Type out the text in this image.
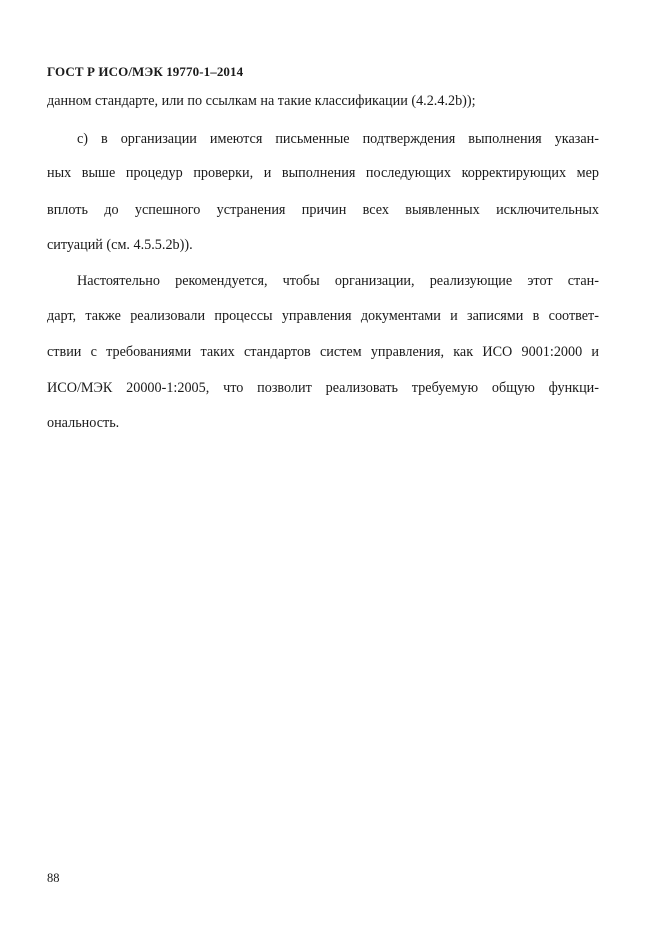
ГОСТ Р ИСО/МЭК 19770-1–2014
данном стандарте, или по ссылкам на такие классификации (4.2.4.2b));
c) в организации имеются письменные подтверждения выполнения указан-
ных выше процедур проверки, и выполнения последующих корректирующих мер
вплоть до успешного устранения причин всех выявленных исключительных
ситуаций (см. 4.5.5.2b)).
Настоятельно рекомендуется, чтобы организации, реализующие этот стан-
дарт, также реализовали процессы управления документами и записями в соответ-
ствии с требованиями таких стандартов систем управления, как ИСО 9001:2000 и
ИСО/МЭК 20000-1:2005, что позволит реализовать требуемую общую функци-
ональность.
88
